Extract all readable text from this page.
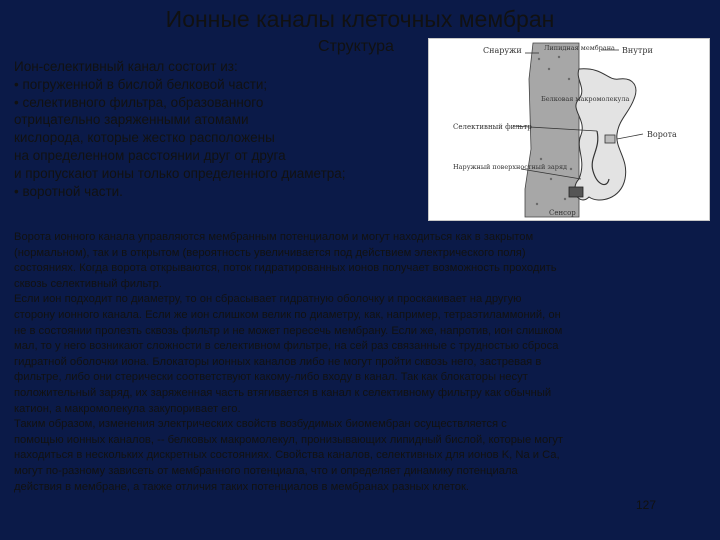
Ионные каналы клеточных мембран
Структура
Ион-селективный канал состоит из:
• погруженной в бислой белковой части;
• селективного фильтра, образованного
отрицательно заряженными атомами
кислорода, которые жестко расположены
на определенном расстоянии друг от друга
и пропускают ионы только определенного диаметра;
• воротной части.
Снаружи	Липидная мембрана Внутри
Белковая макромолекула
Селективный фильтр
Ворота
Наружный поверхностный заряд
Сенсор
Ворота ионного канала управляются мембранным потенциалом и могут находиться как в закрытом
(нормальном), так и в открытом (вероятность увеличивается под действием электрического поля)
состояниях. Когда ворота открываются, поток гидратированных ионов получает возможность проходить
сквозь селективный фильтр.
Если ион подходит по диаметру, то он сбрасывает гидратную оболочку и проскакивает на другую
сторону ионного канала. Если же ион слишком велик по диаметру, как, например, тетраэтиламмоний, он
не в состоянии пролезть сквозь фильтр и не может пересечь мембрану. Если же, напротив, ион слишком
мал, то у него возникают сложности в селективном фильтре, на сей раз связанные с трудностью сброса
гидратной оболочки иона. Блокаторы ионных каналов либо не могут пройти сквозь него, застревая в
фильтре, либо они стерически соответствуют какому-либо входу в канал. Так как блокаторы несут
положительный заряд, их заряженная часть втягивается в канал к селективному фильтру как обычный
катион, а макромолекула закупоривает его.
Таким образом, изменения электрических свойств возбудимых биомембран осуществляется с
помощью ионных каналов, -- белковых макромолекул, пронизывающих липидный бислой, которые могут
находиться в нескольких дискретных состояниях. Свойства каналов, селективных для ионов K, Na и Ca,
могут по-разному зависеть от мембранного потенциала, что и определяет динамику потенциала
действия в мембране, а также отличия таких потенциалов в мембранах разных клеток.
127
